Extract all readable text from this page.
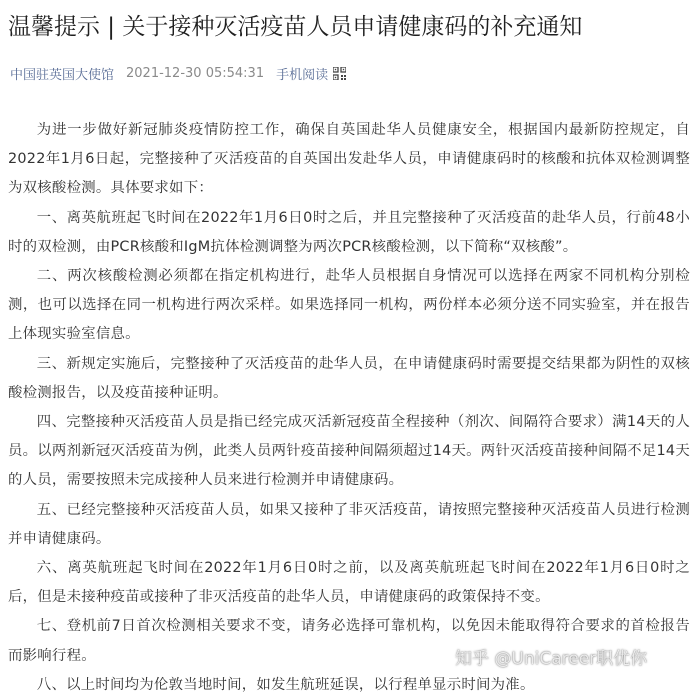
温馨提示 | 关于接种灭活疫苗人员申请健康码的补充通知
中国驻英国大使馆 2021-12-30 05:54:31 手机阅读

为进一步做好新冠肺炎疫情防控工作，确保自英国赴华人员健康安全，根据国内最新防控规定，自2022年1月6日起，完整接种了灭活疫苗的自英国出发赴华人员，申请健康码时的核酸和抗体双检测调整为双核酸检测。具体要求如下：

一、离英航班起飞时间在2022年1月6日0时之后，并且完整接种了灭活疫苗的赴华人员，行前48小时的双检测，由PCR核酸和IgM抗体检测调整为两次PCR核酸检测，以下简称“双核酸”。

二、两次核酸检测必须都在指定机构进行，赴华人员根据自身情况可以选择在两家不同机构分别检测，也可以选择在同一机构进行两次采样。如果选择同一机构，两份样本必须分送不同实验室，并在报告上体现实验室信息。

三、新规定实施后，完整接种了灭活疫苗的赴华人员，在申请健康码时需要提交结果都为阴性的双核酸检测报告，以及疫苗接种证明。

四、完整接种灭活疫苗人员是指已经完成灭活新冠疫苗全程接种（剂次、间隔符合要求）满14天的人员。以两剂新冠灭活疫苗为例，此类人员两针疫苗接种间隔须超过14天。两针灭活疫苗接种间隔不足14天的人员，需要按照未完成接种人员来进行检测并申请健康码。

五、已经完整接种灭活疫苗人员，如果又接种了非灭活疫苗，请按照完整接种灭活疫苗人员进行检测并申请健康码。

六、离英航班起飞时间在2022年1月6日0时之前，以及离英航班起飞时间在2022年1月6日0时之后，但是未接种疫苗或接种了非灭活疫苗的赴华人员，申请健康码的政策保持不变。

七、登机前7日首次检测相关要求不变，请务必选择可靠机构，以免因未能取得符合要求的首检报告而影响行程。

八、以上时间均为伦敦当地时间，如发生航班延误，以行程单显示时间为准。

知乎 @UniCareer职优你
